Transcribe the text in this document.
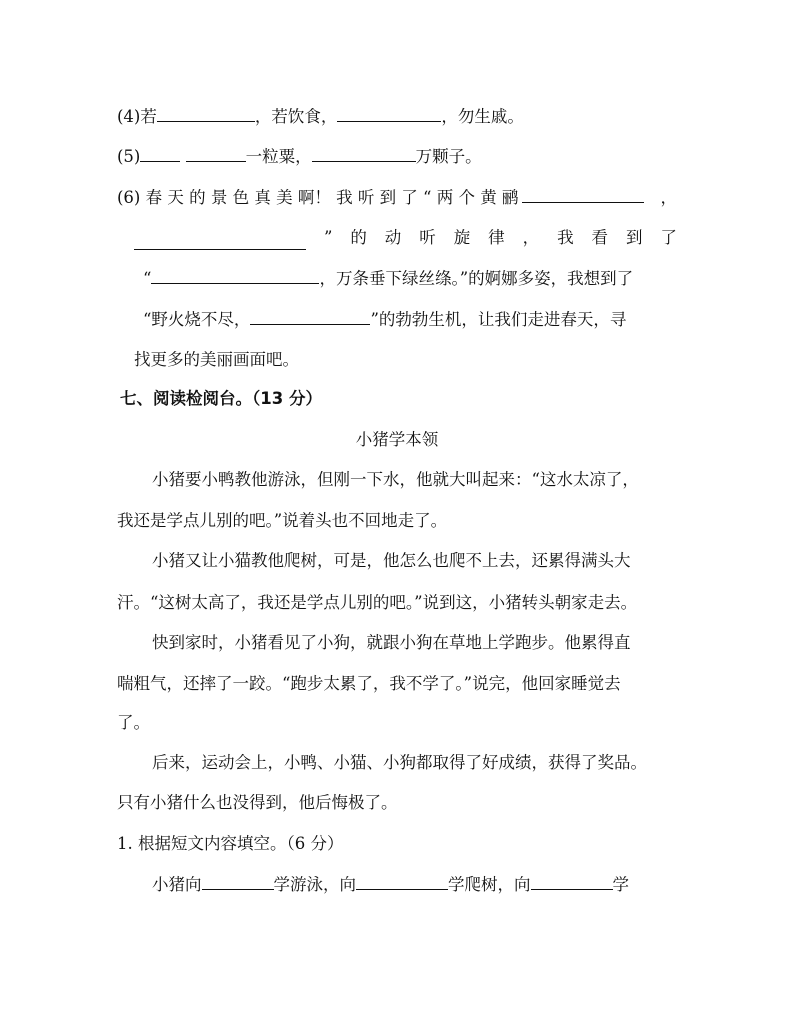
(4)若	，若饮食，	，勿生戚。
(5)	一粒粟，	万颗子。
(6) 春 天 的 景 色 真 美 啊！ 我 听 到 了 “ 两 个 黄 鹂	，
” 的 动 听 旋 律 ， 我 看 到 了
“	，万条垂下绿丝绦。”的婀娜多姿，我想到了
“野火烧不尽，	”的勃勃生机，让我们走进春天，寻
找更多的美丽画面吧。
七、阅读检阅台。（13 分）
小猪学本领
小猪要小鸭教他游泳，但刚一下水，他就大叫起来：“这水太凉了，
我还是学点儿别的吧。”说着头也不回地走了。
小猪又让小猫教他爬树，可是，他怎么也爬不上去，还累得满头大
汗。“这树太高了，我还是学点儿别的吧。”说到这，小猪转头朝家走去。
快到家时，小猪看见了小狗，就跟小狗在草地上学跑步。他累得直
喘粗气，还摔了一跤。“跑步太累了，我不学了。”说完，他回家睡觉去
了。
后来，运动会上，小鸭、小猫、小狗都取得了好成绩，获得了奖品。
只有小猪什么也没得到，他后悔极了。
1. 根据短文内容填空。（6 分）
小猪向	学游泳，向	学爬树，向	学
